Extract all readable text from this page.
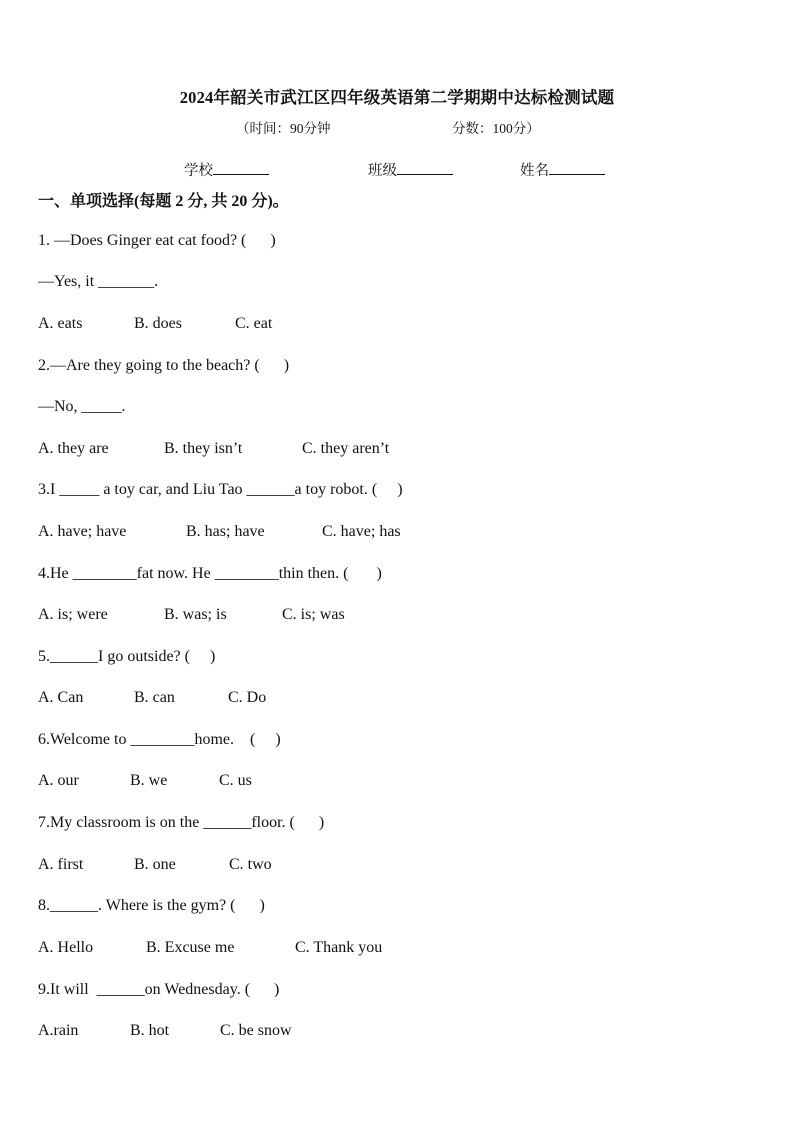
2024年韶关市武江区四年级英语第二学期期中达标检测试题
（时间：90分钟	分数：100分）
学校	班级	姓名
一、单项选择(每题 2 分, 共 20 分)。
1. —Does Ginger eat cat food? (      )
—Yes, it _______.
A. eats	B. does	C. eat
2.—Are they going to the beach? (      )
—No, _____.
A. they are	B. they isn’t	C. they aren’t
3.I _____ a toy car, and Liu Tao ______a toy robot. (     )
A. have; have	B. has; have	C. have; has
4.He ________fat now. He ________thin then. (       )
A. is; were	B. was; is	C. is; was
5.______I go outside? (     )
A. Can	B. can	C. Do
6.Welcome to ________home.    (     )
A. our	B. we	C. us
7.My classroom is on the ______floor. (      )
A. first	B. one	C. two
8.______. Where is the gym? (      )
A. Hello	B. Excuse me	C. Thank you
9.It will  ______on Wednesday. (      )
A.rain	B. hot	C. be snow
